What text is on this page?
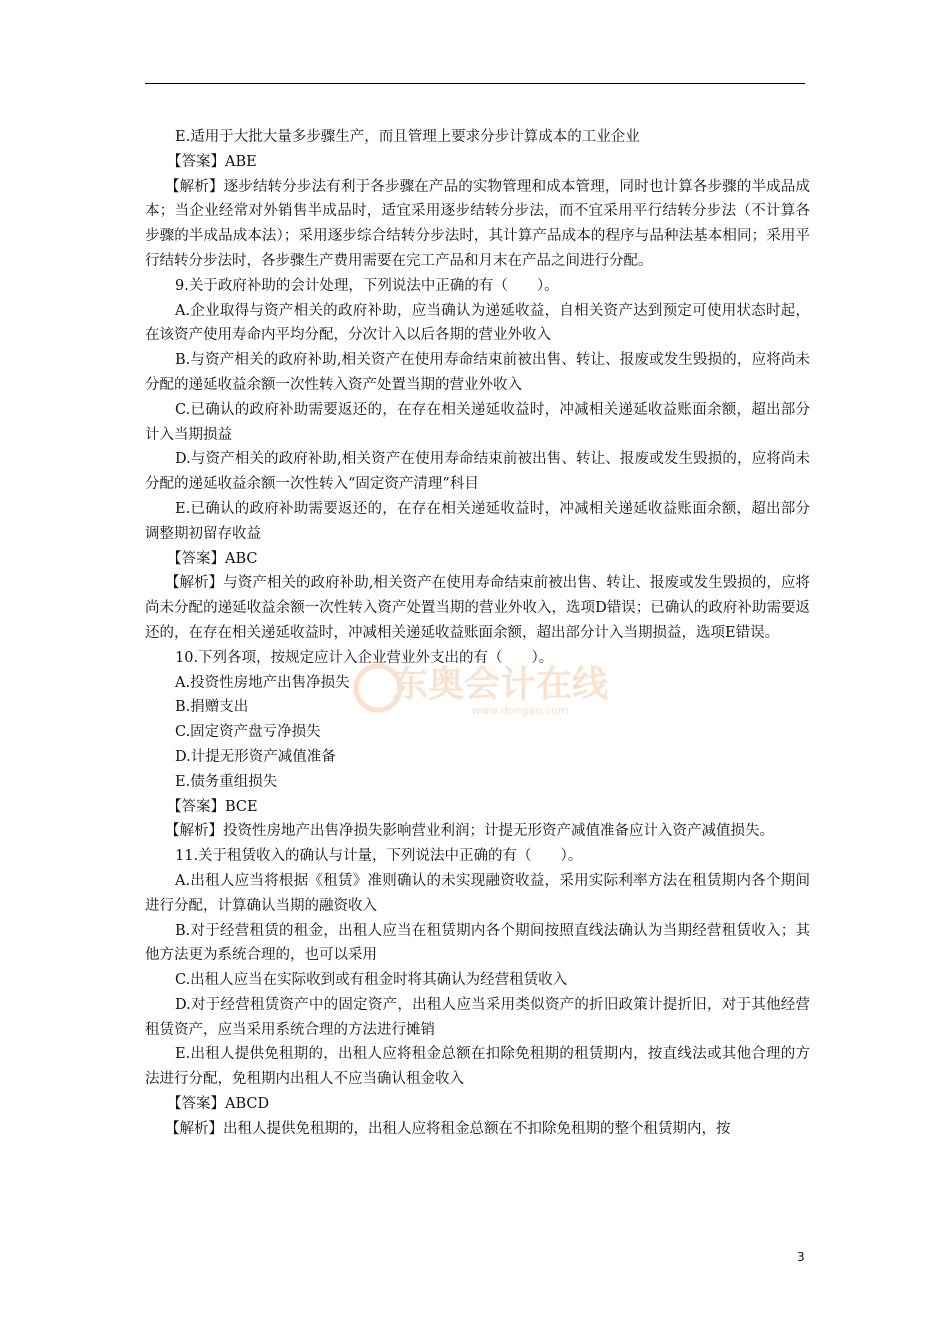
E.适用于大批大量多步骤生产，而且管理上要求分步计算成本的工业企业

【答案】ABE

【解析】逐步结转分步法有利于各步骤在产品的实物管理和成本管理，同时也计算各步骤的半成品成本；当企业经常对外销售半成品时，适宜采用逐步结转分步法，而不宜采用平行结转分步法（不计算各步骤的半成品成本法）；采用逐步综合结转分步法时，其计算产品成本的程序与品种法基本相同；采用平行结转分步法时，各步骤生产费用需要在完工产品和月末在产品之间进行分配。

9.关于政府补助的会计处理，下列说法中正确的有（　　）。

A.企业取得与资产相关的政府补助，应当确认为递延收益，自相关资产达到预定可使用状态时起，在该资产使用寿命内平均分配，分次计入以后各期的营业外收入

B.与资产相关的政府补助,相关资产在使用寿命结束前被出售、转让、报废或发生毁损的，应将尚未分配的递延收益余额一次性转入资产处置当期的营业外收入

C.已确认的政府补助需要返还的，在存在相关递延收益时，冲减相关递延收益账面余额，超出部分计入当期损益

D.与资产相关的政府补助,相关资产在使用寿命结束前被出售、转让、报废或发生毁损的，应将尚未分配的递延收益余额一次性转入“固定资产清理”科目

E.已确认的政府补助需要返还的，在存在相关递延收益时，冲减相关递延收益账面余额，超出部分调整期初留存收益

【答案】ABC

【解析】与资产相关的政府补助,相关资产在使用寿命结束前被出售、转让、报废或发生毁损的，应将尚未分配的递延收益余额一次性转入资产处置当期的营业外收入，选项D错误；已确认的政府补助需要返还的，在存在相关递延收益时，冲减相关递延收益账面余额，超出部分计入当期损益，选项E错误。

10.下列各项，按规定应计入企业营业外支出的有（　　）。

A.投资性房地产出售净损失

B.捐赠支出

C.固定资产盘亏净损失

D.计提无形资产减值准备

E.债务重组损失

【答案】BCE

【解析】投资性房地产出售净损失影响营业利润；计提无形资产减值准备应计入资产减值损失。

11.关于租赁收入的确认与计量，下列说法中正确的有（　　）。

A.出租人应当将根据《租赁》准则确认的未实现融资收益，采用实际利率方法在租赁期内各个期间进行分配，计算确认当期的融资收入

B.对于经营租赁的租金，出租人应当在租赁期内各个期间按照直线法确认为当期经营租赁收入；其他方法更为系统合理的，也可以采用

C.出租人应当在实际收到或有租金时将其确认为经营租赁收入

D.对于经营租赁资产中的固定资产，出租人应当采用类似资产的折旧政策计提折旧，对于其他经营租赁资产，应当采用系统合理的方法进行摊销

E.出租人提供免租期的，出租人应将租金总额在扣除免租期的租赁期内，按直线法或其他合理的方法进行分配，免租期内出租人不应当确认租金收入

【答案】ABCD

【解析】出租人提供免租期的，出租人应将租金总额在不扣除免租期的整个租赁期内，按

东奥会计在线
www.dongao.com
3
